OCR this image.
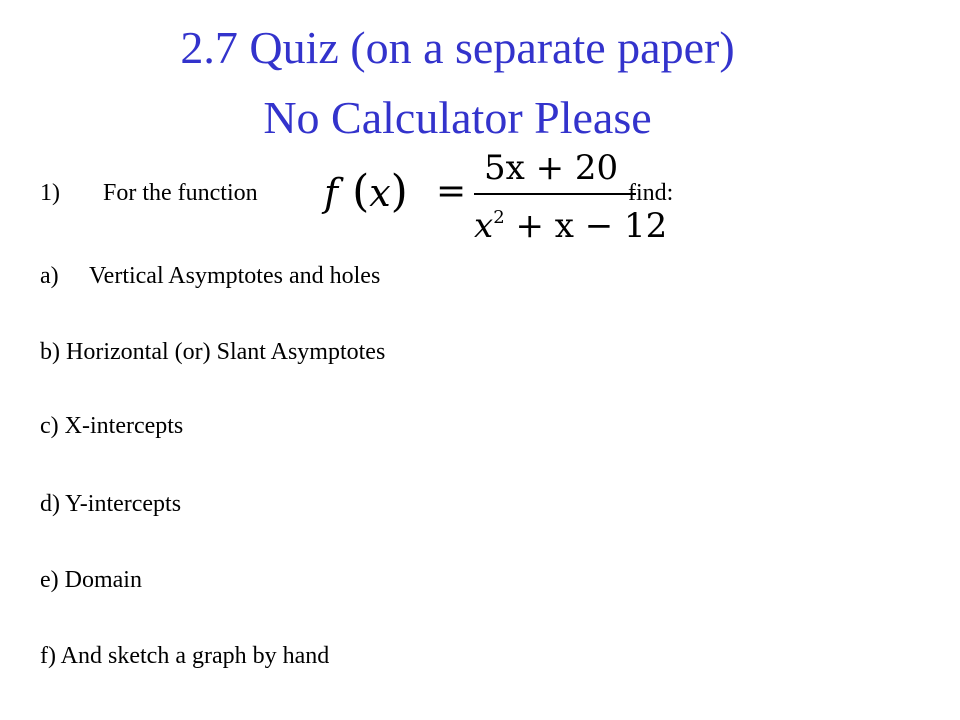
2.7 Quiz (on a separate paper)
No Calculator Please
1) For the function f (x) =
5x + 20
$x^2 + x - 12$
find:
a) Vertical Asymptotes and holes
b) Horizontal (or) Slant Asymptotes
c) X-intercepts
d) Y-intercepts
e) Domain
f) And sketch a graph by hand
